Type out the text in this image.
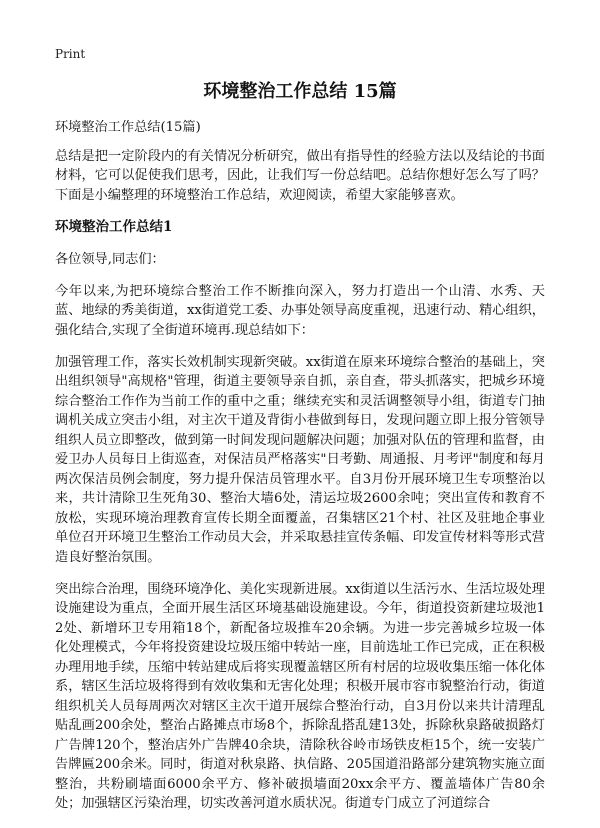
Print
环境整治工作总结 15篇

环境整治工作总结(15篇)

总结是把一定阶段内的有关情况分析研究，做出有指导性的经验方法以及结论的书面材料，它可以促使我们思考，因此，让我们写一份总结吧。总结你想好怎么写了吗？下面是小编整理的环境整治工作总结，欢迎阅读，希望大家能够喜欢。

环境整治工作总结1

各位领导,同志们：

今年以来,为把环境综合整治工作不断推向深入，努力打造出一个山清、水秀、天蓝、地绿的秀美街道，xx街道党工委、办事处领导高度重视，迅速行动、精心组织，强化结合,实现了全街道环境再.现总结如下：

加强管理工作，落实长效机制实现新突破。xx街道在原来环境综合整治的基础上，突出组织领导"高规格"管理，街道主要领导亲自抓，亲自查，带头抓落实，把城乡环境综合整治工作作为当前工作的重中之重；继续充实和灵活调整领导小组，街道专门抽调机关成立突击小组，对主次干道及背街小巷做到每日，发现问题立即上报分管领导组织人员立即整改，做到第一时间发现问题解决问题；加强对队伍的管理和监督，由爱卫办人员每日上街巡查，对保洁员严格落实"日考勤、周通报、月考评"制度和每月两次保洁员例会制度，努力提升保洁员管理水平。自3月份开展环境卫生专项整治以来，共计清除卫生死角30、整治大墙6处，清运垃圾2600余吨；突出宣传和教育不放松，实现环境治理教育宣传长期全面覆盖，召集辖区21个村、社区及驻地企事业单位召开环境卫生整治工作动员大会，并采取悬挂宣传条幅、印发宣传材料等形式营造良好整治氛围。

突出综合治理，围绕环境净化、美化实现新进展。xx街道以生活污水、生活垃圾处理设施建设为重点，全面开展生活区环境基础设施建设。今年，街道投资新建垃圾池12处、新增环卫专用箱18个，新配备垃圾推车20余辆。为进一步完善城乡垃圾一体化处理模式，今年将投资建设垃圾压缩中转站一座，目前选址工作已完成，正在积极办理用地手续，压缩中转站建成后将实现覆盖辖区所有村居的垃圾收集压缩一体化体系，辖区生活垃圾将得到有效收集和无害化处理；积极开展市容市貌整治行动，街道组织机关人员每周两次对辖区主次干道开展综合整治行动，自3月份以来共计清理乱贴乱画200余处，整治占路摊点市场8个，拆除乱搭乱建13处，拆除秋泉路破损路灯广告牌120个，整治店外广告牌40余块，清除秋谷岭市场铁皮柜15个，统一安装广告牌匾200余米。同时，街道对秋泉路、执信路、205国道沿路部分建筑物实施立面整治，共粉刷墙面6000余平方、修补破损墙面20xx余平方、覆盖墙体广告80余处；加强辖区污染治理，切实改善河道水质状况。街道专门成立了河道综合
